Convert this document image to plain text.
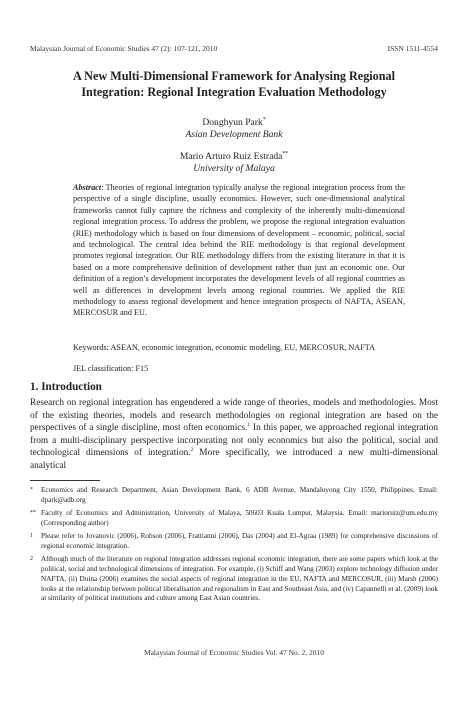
Malaysian Journal of Economic Studies 47 (2): 107-121, 2010	ISSN 1511-4554
A New Multi-Dimensional Framework for Analysing Regional Integration: Regional Integration Evaluation Methodology
Donghyun Park*
Asian Development Bank
Mario Arturo Ruiz Estrada**
University of Malaya
Abstract: Theories of regional integration typically analyse the regional integration process from the perspective of a single discipline, usually economics. However, such one-dimensional analytical frameworks cannot fully capture the richness and complexity of the inherently multi-dimensional regional integration process. To address the problem, we propose the regional integration evaluation (RIE) methodology which is based on four dimensions of development – economic, political, social and technological. The central idea behind the RIE methodology is that regional development promotes regional integration. Our RIE methodology differs from the existing literature in that it is based on a more comprehensive definition of development rather than just an economic one. Our definition of a region’s development incorporates the development levels of all regional countries as well as differences in development levels among regional countries. We applied the RIE methodology to assess regional development and hence integration prospects of NAFTA, ASEAN, MERCOSUR and EU.
Keywords: ASEAN, economic integration, economic modeling, EU, MERCOSUR, NAFTA
JEL classification: F15
1. Introduction
Research on regional integration has engendered a wide range of theories, models and methodologies. Most of the existing theories, models and research methodologies on regional integration are based on the perspectives of a single discipline, most often economics.$^1$ In this paper, we approached regional integration from a multi-disciplinary perspective incorporating not only economics but also the political, social and technological dimensions of integration.$^2$ More specifically, we introduced a new multi-dimensional analytical
*	Economics and Research Department, Asian Development Bank, 6 ADB Avenue, Mandaluyong City 1550, Philippines. Email: dpark@adb.org
** Faculty of Economics and Administration, University of Malaya, 50603 Kuala Lumpur, Malaysia. Email: marioruiz@um.edu.my (Corresponding author)
1	Please refer to Jovanovic (2006), Robson (2006), Frattianni (2006), Das (2004) and El-Agraa (1989) for comprehensive discussions of regional economic integration.
2	Although much of the literature on regional integration addresses regional economic integration, there are some papers which look at the political, social and technological dimensions of integration. For example, (i) Schiff and Wang (2003) explore technology diffusion under NAFTA, (ii) Duina (2006) examines the social aspects of regional integration in the EU, NAFTA and MERCOSUR, (iii) Marsh (2006) looks at the relationship between political liberalisation and regionalism in East and Southeast Asia, and (iv) Capannelli et al. (2009) look at similarity of political institutions and culture among East Asian countries.
Malaysian Journal of Economic Studies Vol. 47 No. 2, 2010
